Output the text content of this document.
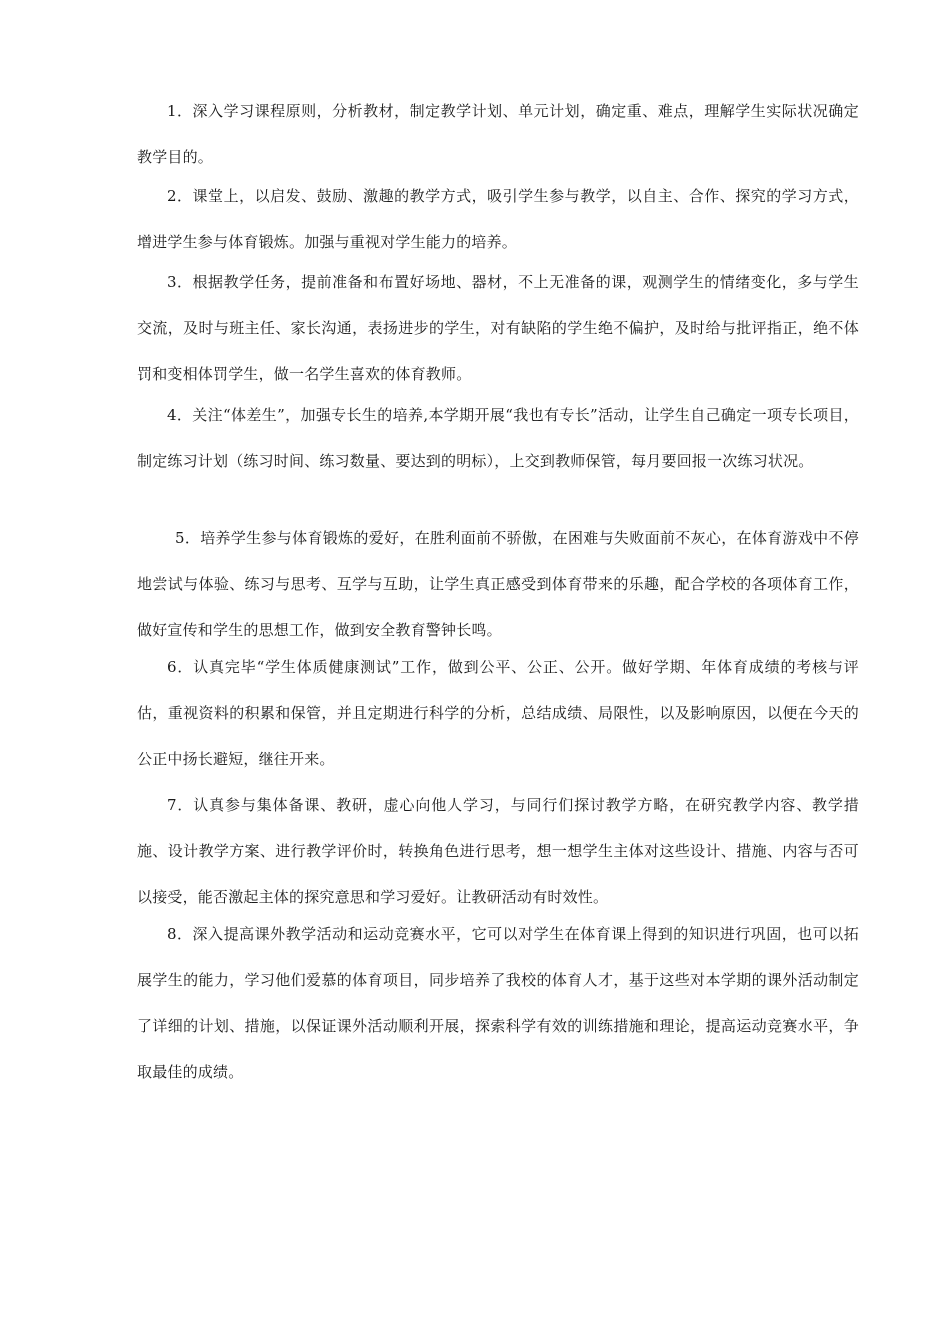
1．深入学习课程原则，分析教材，制定教学计划、单元计划，确定重、难点，理解学生实际状况确定教学目的。

2．课堂上，以启发、鼓励、激趣的教学方式，吸引学生参与教学，以自主、合作、探究的学习方式，增进学生参与体育锻炼。加强与重视对学生能力的培养。

3．根据教学任务，提前准备和布置好场地、器材，不上无准备的课，观测学生的情绪变化，多与学生交流，及时与班主任、家长沟通，表扬进步的学生，对有缺陷的学生绝不偏护，及时给与批评指正，绝不体罚和变相体罚学生，做一名学生喜欢的体育教师。

4．关注“体差生”，加强专长生的培养,本学期开展“我也有专长”活动，让学生自己确定一项专长项目，制定练习计划（练习时间、练习数量、要达到的明标），上交到教师保管，每月要回报一次练习状况。

5．培养学生参与体育锻炼的爱好，在胜利面前不骄傲，在困难与失败面前不灰心，在体育游戏中不停地尝试与体验、练习与思考、互学与互助，让学生真正感受到体育带来的乐趣，配合学校的各项体育工作，做好宣传和学生的思想工作，做到安全教育警钟长鸣。

6．认真完毕“学生体质健康测试”工作，做到公平、公正、公开。做好学期、年体育成绩的考核与评估，重视资料的积累和保管，并且定期进行科学的分析，总结成绩、局限性，以及影响原因，以便在今天的公正中扬长避短，继往开来。

7．认真参与集体备课、教研，虚心向他人学习，与同行们探讨教学方略，在研究教学内容、教学措施、设计教学方案、进行教学评价时，转换角色进行思考，想一想学生主体对这些设计、措施、内容与否可以接受，能否激起主体的探究意思和学习爱好。让教研活动有时效性。

8．深入提高课外教学活动和运动竞赛水平，它可以对学生在体育课上得到的知识进行巩固，也可以拓展学生的能力，学习他们爱慕的体育项目，同步培养了我校的体育人才，基于这些对本学期的课外活动制定了详细的计划、措施，以保证课外活动顺利开展，探索科学有效的训练措施和理论，提高运动竞赛水平，争取最佳的成绩。
